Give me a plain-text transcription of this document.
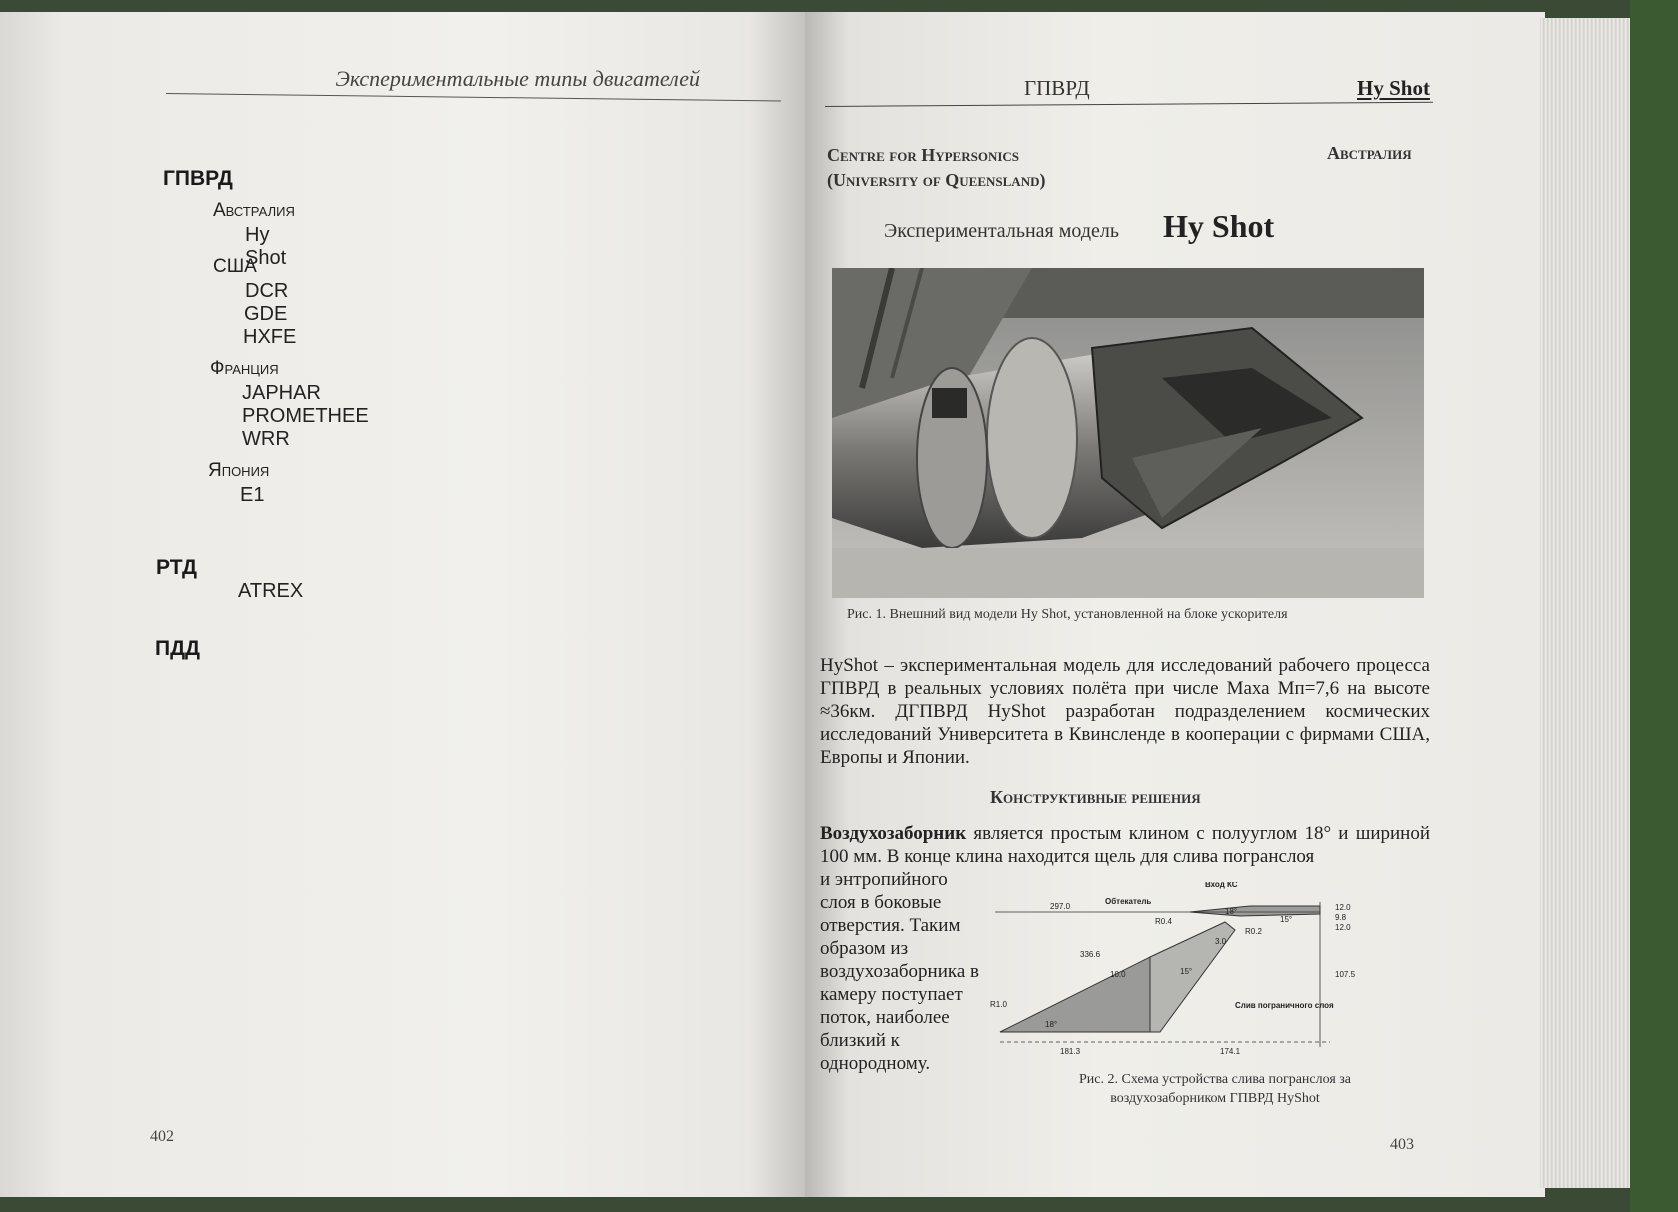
Экспериментальные типы двигателей
ГПВРД
Австралия
Hy Shot
США
DCR
GDE
HXFE
Франция
JAPHAR
PROMETHEE
WRR
Япония
E1
РТД
ATREX
ПДД
402
ГПВРД	Hy Shot
Centre for Hypersonics
(University of Queensland)
Австралия
Экспериментальная модель Hy Shot
Рис. 1. Внешний вид модели Hy Shot, установленной на блоке ускорителя
HyShot – экспериментальная модель для исследований рабочего процесса ГПВРД в реальных условиях полёта при числе Маха Mп=7,6 на высоте ≈36км. ДГПВРД HyShot разработан подразделением космических исследований Университета в Квинсленде в кооперации с фирмами США, Европы и Японии.
Конструктивные решения
Воздухозаборник является простым клином с полууглом 18° и шириной 100 мм. В конце клина находится щель для слива погранслоя
и энтропийного слоя в боковые отверстия. Таким образом из воздухозаборника в камеру поступает поток, наиболее близкий к однородному.
297.0
Обтекатель
Вход КС
12.0
9.8
12.0
107.5
R0.4
R0.2
3.0
336.6
10.0	15°
15°
18°
18°
R1.0	Слив пограничного слоя
181.3	174.1
Рис. 2. Схема устройства слива погранслоя за
воздухозаборником ГПВРД HyShot
403
